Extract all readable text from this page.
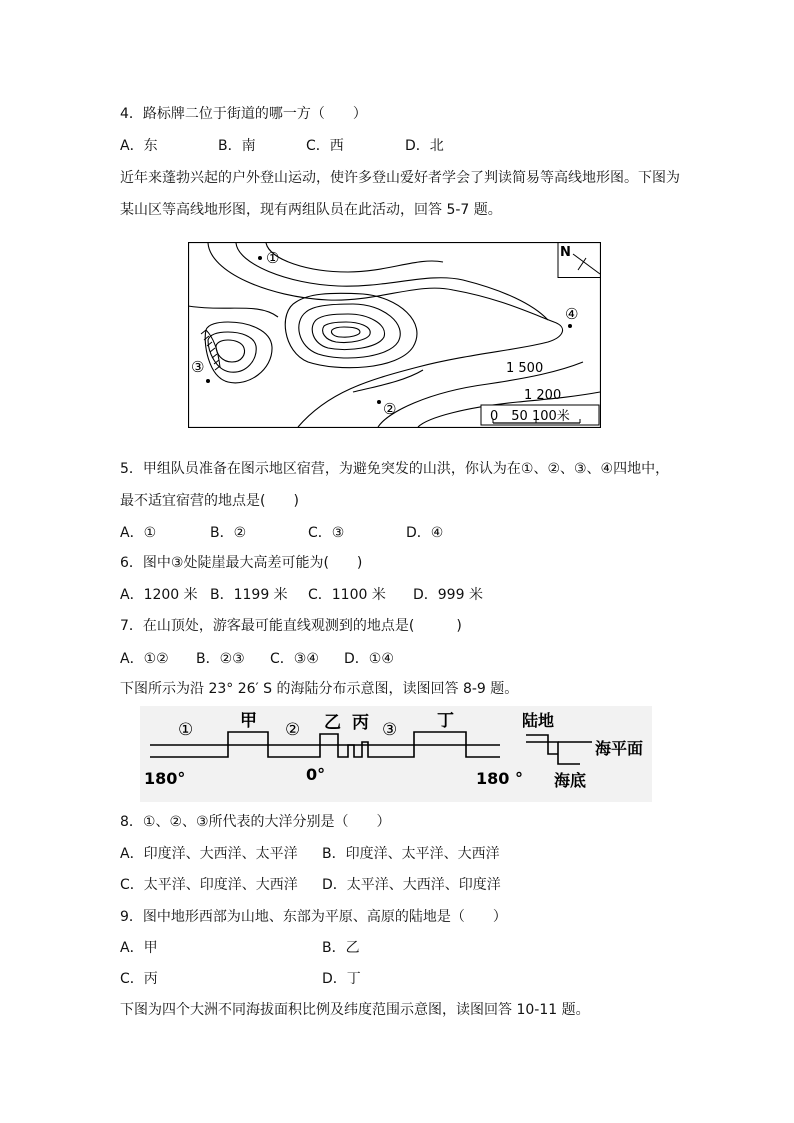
4．路标牌二位于街道的哪一方（　　）
A．东	B．南	C．西	D．北
近年来蓬勃兴起的户外登山运动，使许多登山爱好者学会了判读简易等高线地形图。下图为
某山区等高线地形图，现有两组队员在此活动，回答 5-7 题。
N
①
②
③
④
1 500
1 200
0　50 100米
5．甲组队员准备在图示地区宿营，为避免突发的山洪，你认为在①、②、③、④四地中，
最不适宜宿营的地点是(　　)
A．①	B．②	C．③	D．④
6．图中③处陡崖最大高差可能为(　　)
A．1200 米 B．1199 米 C．1100 米 D．999 米
7．在山顶处，游客最可能直线观测到的地点是(　　　)
A．①② B．②③ C．③④ D．①④
下图所示为沿 23° 26′ S 的海陆分布示意图，读图回答 8-9 题。
①	甲 ② 乙 丙 ③ 丁
180°	0°	180 °
陆地
海平面
海底
8．①、②、③所代表的大洋分别是（　　）
A．印度洋、大西洋、太平洋 B．印度洋、太平洋、大西洋
C．太平洋、印度洋、大西洋 D．太平洋、大西洋、印度洋
9．图中地形西部为山地、东部为平原、高原的陆地是（　　）
A．甲	B．乙
C．丙	D．丁
下图为四个大洲不同海拔面积比例及纬度范围示意图，读图回答 10-11 题。
